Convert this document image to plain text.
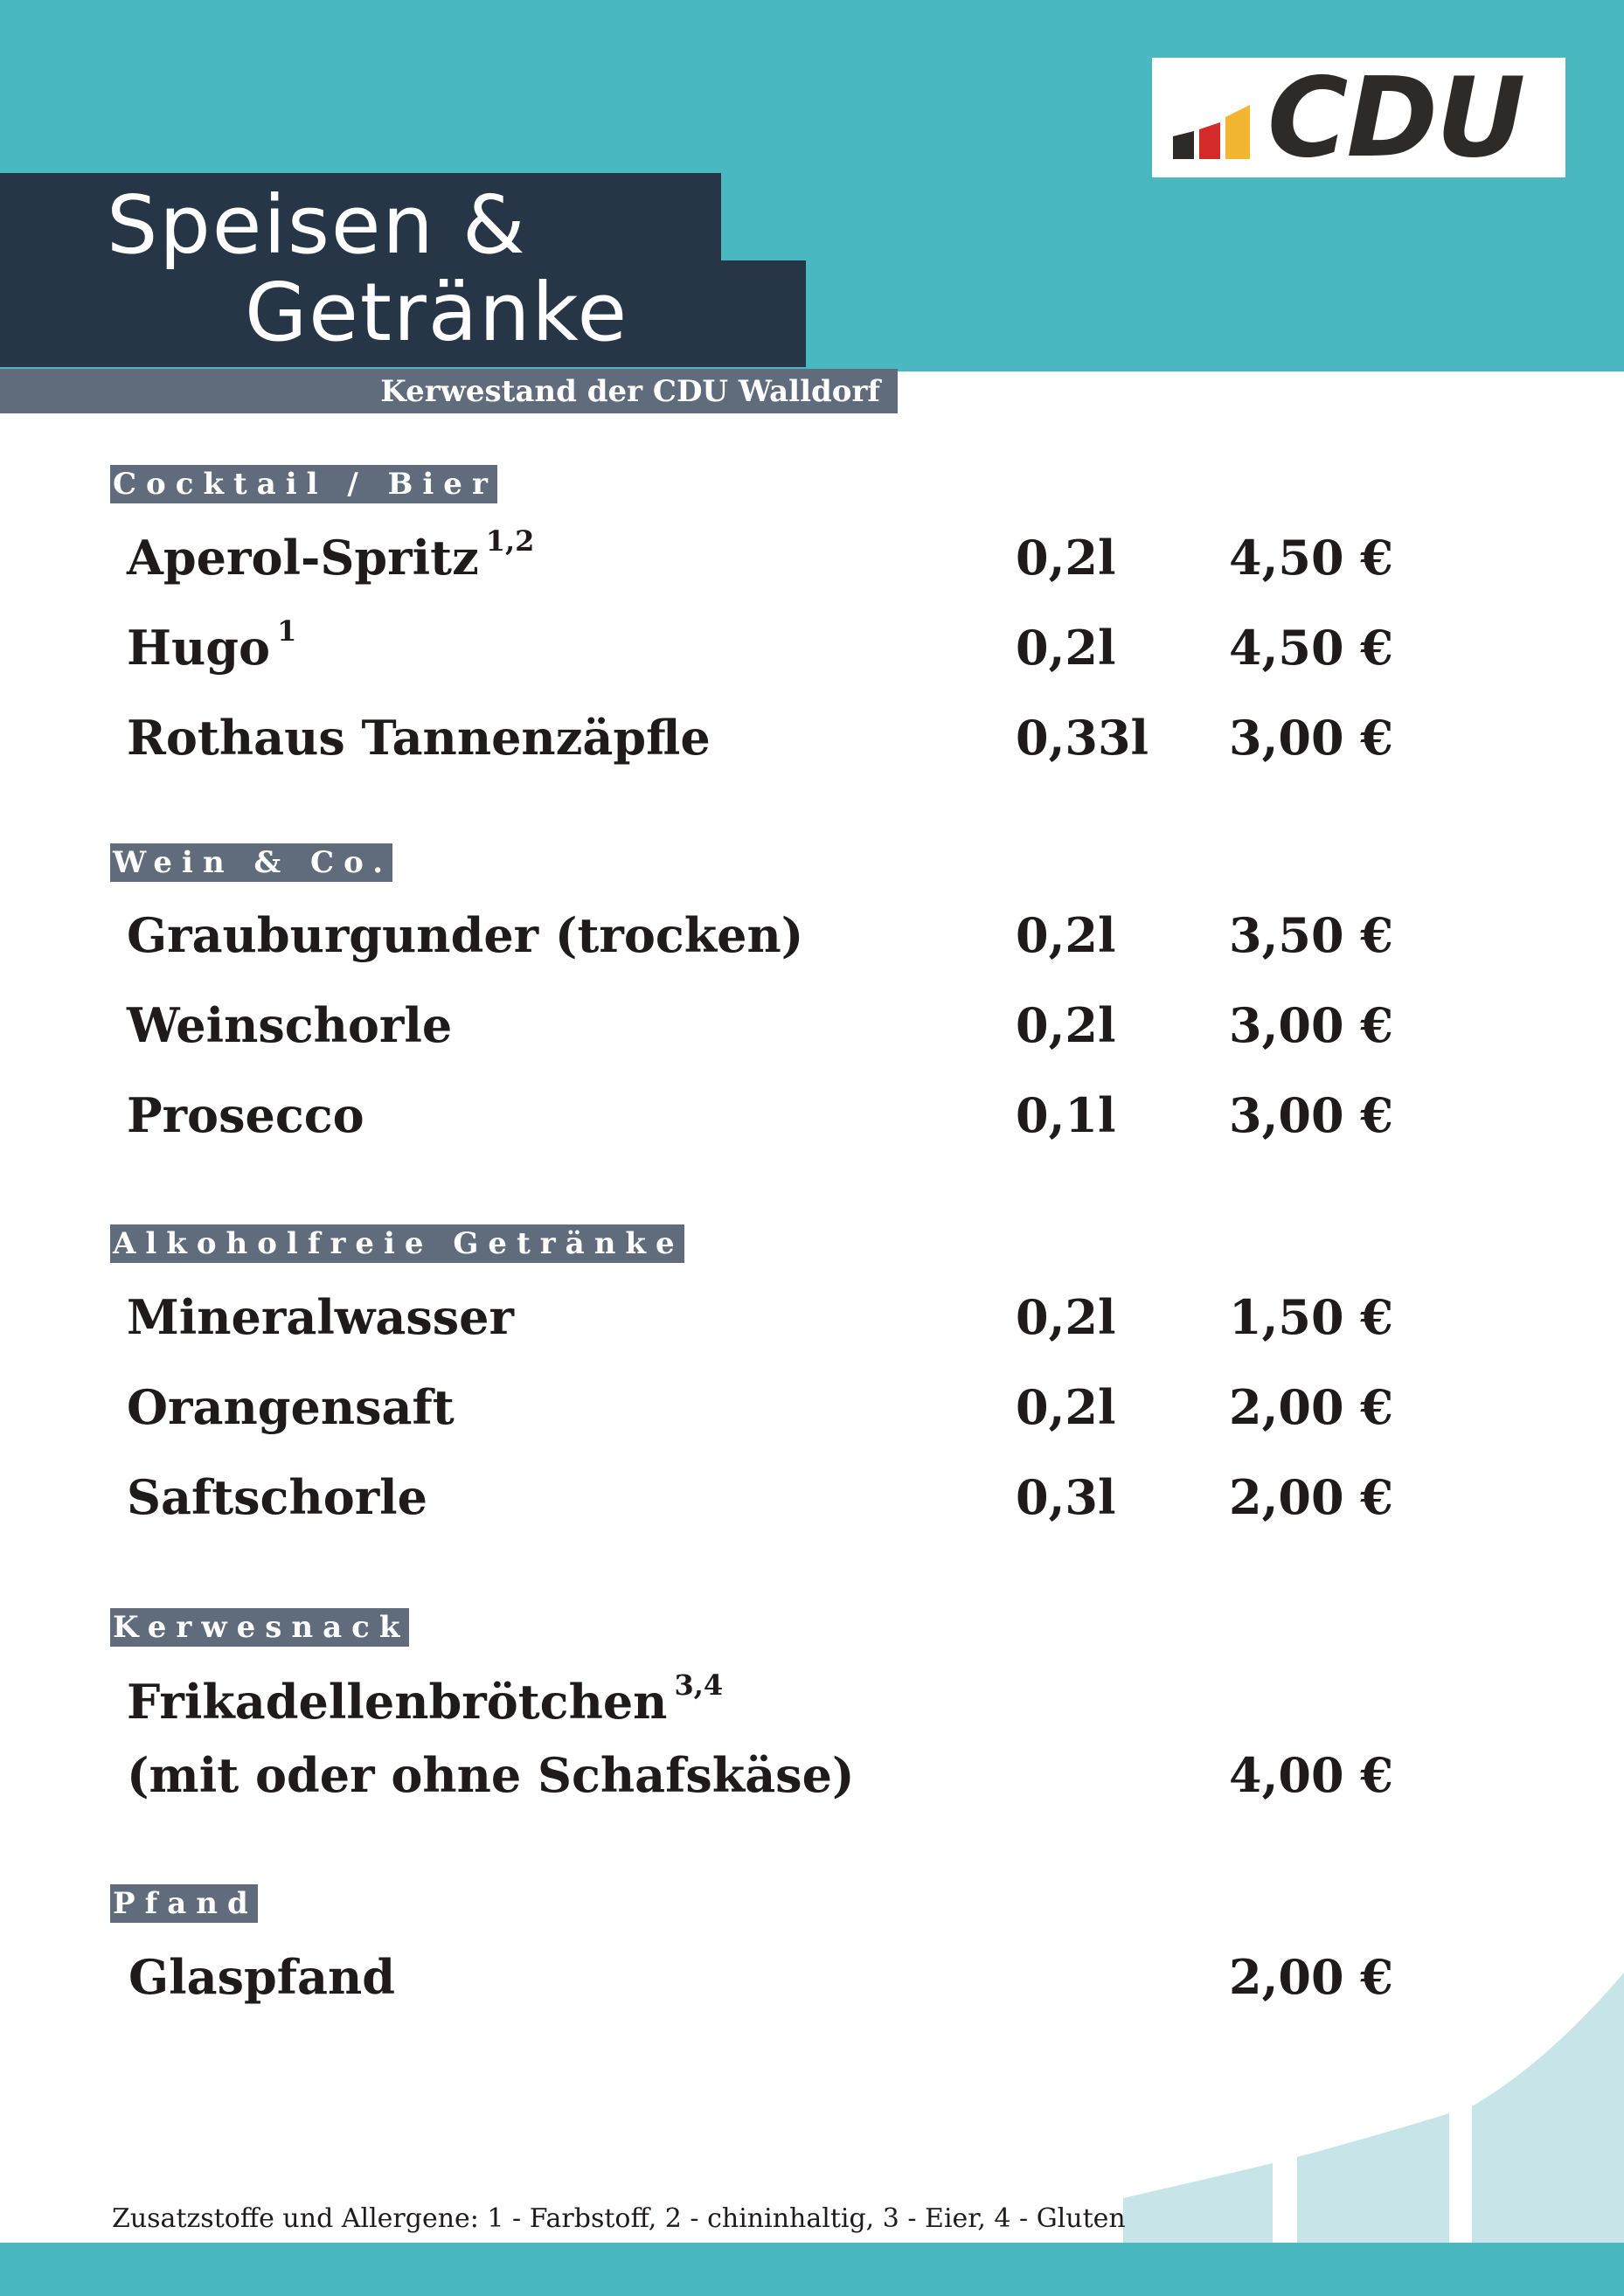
CDU
Speisen &
Getränke
Kerwestand der CDU Walldorf
Cocktail / Bier
Aperol-Spritz $^{1,2}$	0,2l 4,50 €
Hugo $^1$	0,2l 4,50 €
Rothaus Tannenzäpfle	0,33l 3,00 €
Wein & Co.
Grauburgunder (trocken)	0,2l 3,50 €
Weinschorle	0,2l 3,00 €
Prosecco	0,1l 3,00 €
Alkoholfreie Getränke
Mineralwasser	0,2l 1,50 €
Orangensaft	0,2l 2,00 €
Saftschorle	0,3l 2,00 €
Kerwesnack
Frikadellenbrötchen $^{3,4}$
(mit oder ohne Schafskäse)	4,00 €
Pfand
Glaspfand	2,00 €
Zusatzstoffe und Allergene: 1 - Farbstoff, 2 - chininhaltig, 3 - Eier, 4 - Gluten
